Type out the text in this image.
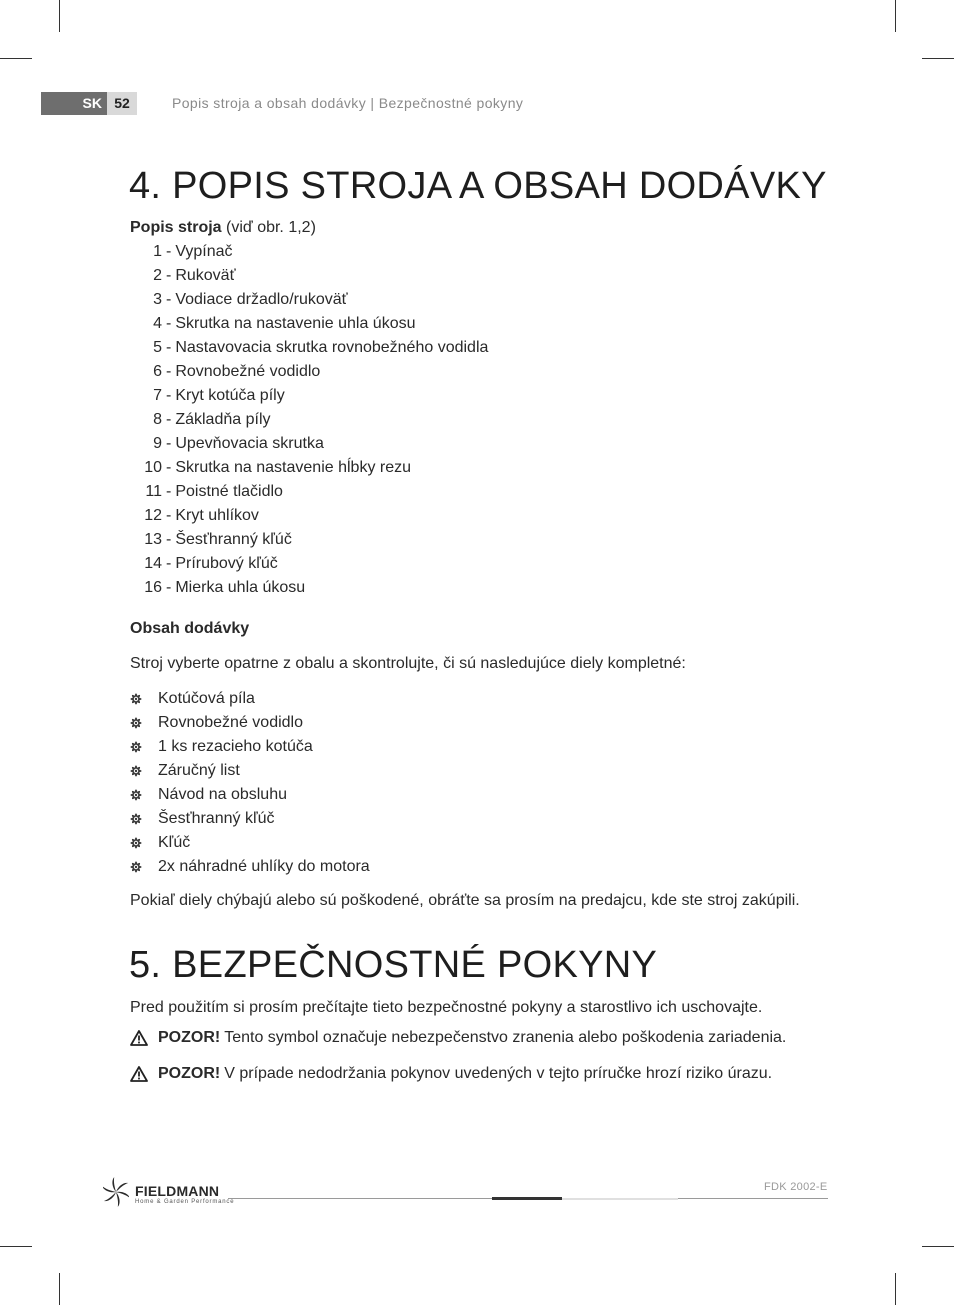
SK 52	Popis stroja a obsah dodávky | Bezpečnostné pokyny
4. POPIS STROJA A OBSAH DODÁVKY
Popis stroja (viď obr. 1,2)
1 - Vypínač
2 - Rukoväť
3 - Vodiace držadlo/rukoväť
4 - Skrutka na nastavenie uhla úkosu
5 - Nastavovacia skrutka rovnobežného vodidla
6 - Rovnobežné vodidlo
7 - Kryt kotúča píly
8 - Základňa píly
9 - Upevňovacia skrutka
10 - Skrutka na nastavenie hĺbky rezu
11 - Poistné tlačidlo
12 - Kryt uhlíkov
13 - Šesťhranný kľúč
14 - Prírubový kľúč
16 - Mierka uhla úkosu
Obsah dodávky
Stroj vyberte opatrne z obalu a skontrolujte, či sú nasledujúce diely kompletné:
Kotúčová píla
Rovnobežné vodidlo
1 ks rezacieho kotúča
Záručný list
Návod na obsluhu
Šesťhranný kľúč
Kľúč
2x náhradné uhlíky do motora
Pokiaľ diely chýbajú alebo sú poškodené, obráťte sa prosím na predajcu, kde ste stroj zakúpili.
5. BEZPEČNOSTNÉ POKYNY
Pred použitím si prosím prečítajte tieto bezpečnostné pokyny a starostlivo ich uschovajte.
POZOR! Tento symbol označuje nebezpečenstvo zranenia alebo poškodenia zariadenia.
POZOR! V prípade nedodržania pokynov uvedených v tejto príručke hrozí riziko úrazu.
FIELDMANN
Home & Garden Performance
FDK 2002-E
